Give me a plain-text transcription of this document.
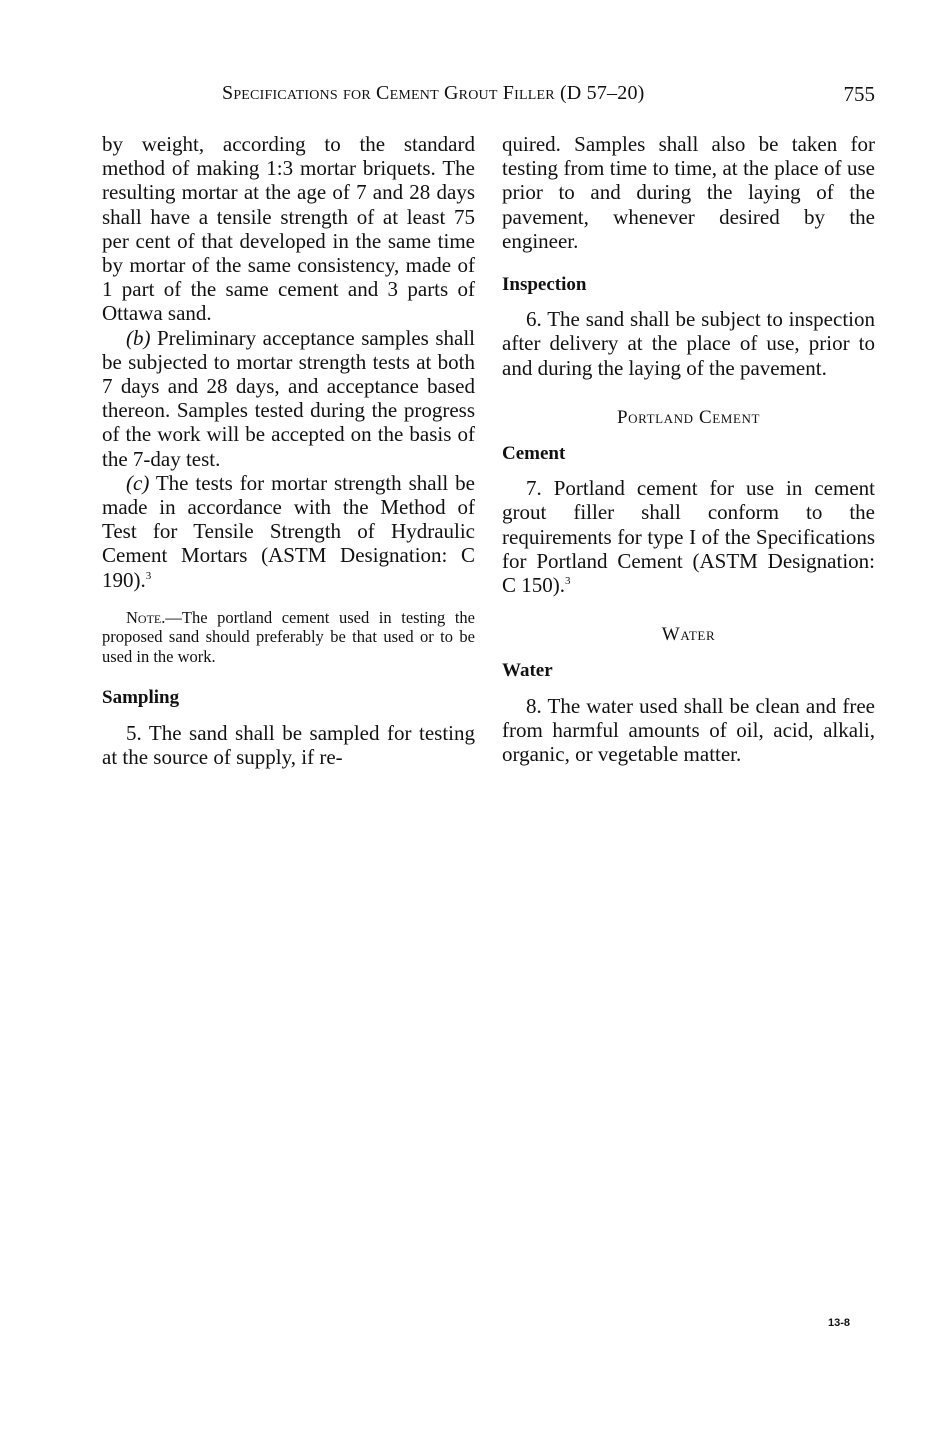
Specifications for Cement Grout Filler (D 57–20)	755

by weight, according to the standard method of making 1:3 mortar briquets. The resulting mortar at the age of 7 and 28 days shall have a tensile strength of at least 75 per cent of that developed in the same time by mortar of the same consistency, made of 1 part of the same cement and 3 parts of Ottawa sand.

(b) Preliminary acceptance samples shall be subjected to mortar strength tests at both 7 days and 28 days, and acceptance based thereon. Samples tested during the progress of the work will be accepted on the basis of the 7-day test.

(c) The tests for mortar strength shall be made in accordance with the Method of Test for Tensile Strength of Hydraulic Cement Mortars (ASTM Designation: C 190).$^3$

Note.—The portland cement used in testing the proposed sand should preferably be that used or to be used in the work.

Sampling

5. The sand shall be sampled for testing at the source of supply, if re-

quired. Samples shall also be taken for testing from time to time, at the place of use prior to and during the laying of the pavement, whenever desired by the engineer.

Inspection

6. The sand shall be subject to inspection after delivery at the place of use, prior to and during the laying of the pavement.

Portland Cement
Cement

7. Portland cement for use in cement grout filler shall conform to the requirements for type I of the Specifications for Portland Cement (ASTM Designation: C 150).$^3$

Water
Water

8. The water used shall be clean and free from harmful amounts of oil, acid, alkali, organic, or vegetable matter.

13-8
